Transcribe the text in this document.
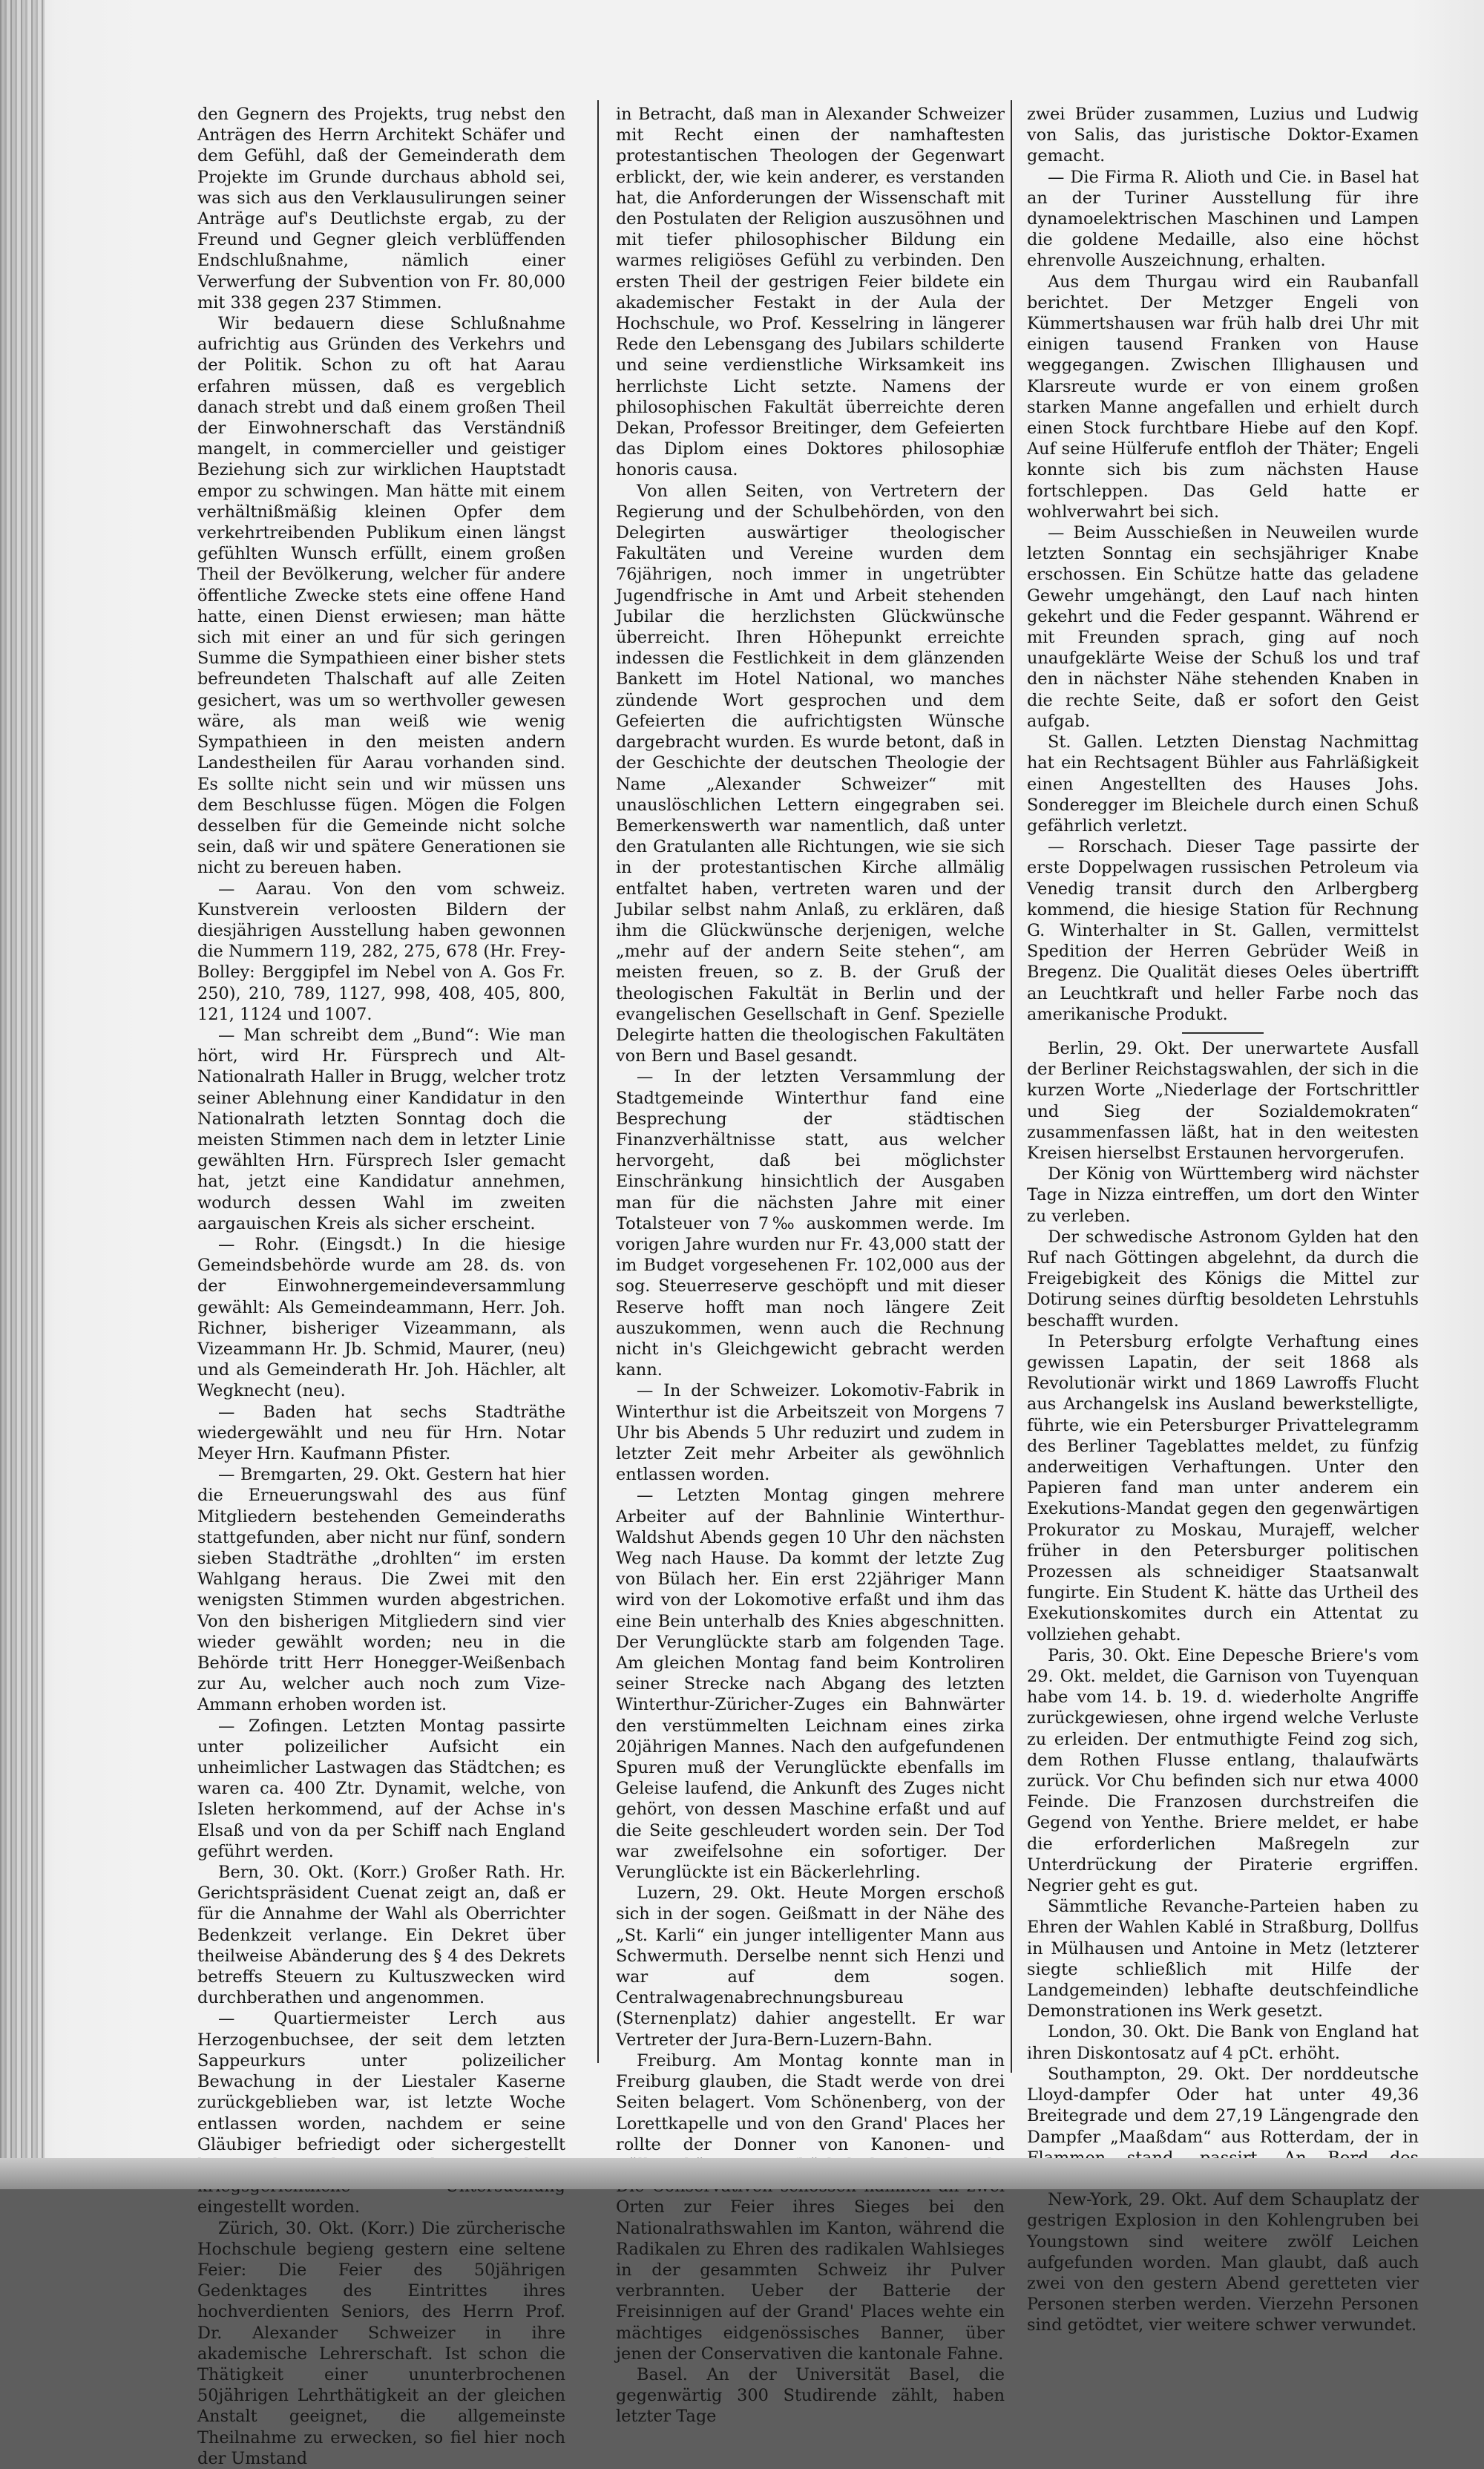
den Gegnern des Projekts, trug nebst den Anträgen des Herrn Architekt Schäfer und dem Gefühl, daß der Gemeinderath dem Projekte im Grunde durchaus abhold sei, was sich aus den Verklausulirungen seiner Anträge auf's Deutlichste ergab, zu der Freund und Gegner gleich verblüffenden Endschlußnahme, nämlich einer Verwerfung der Subvention von Fr. 80,000 mit 338 gegen 237 Stimmen.

Wir bedauern diese Schlußnahme aufrichtig aus Gründen des Verkehrs und der Politik. Schon zu oft hat Aarau erfahren müssen, daß es vergeblich danach strebt und daß einem großen Theil der Einwohnerschaft das Verständniß mangelt, in commercieller und geistiger Beziehung sich zur wirklichen Hauptstadt empor zu schwingen. Man hätte mit einem verhältnißmäßig kleinen Opfer dem verkehrtreibenden Publikum einen längst gefühlten Wunsch erfüllt, einem großen Theil der Bevölkerung, welcher für andere öffentliche Zwecke stets eine offene Hand hatte, einen Dienst erwiesen; man hätte sich mit einer an und für sich geringen Summe die Sympathieen einer bisher stets befreundeten Thalschaft auf alle Zeiten gesichert, was um so werthvoller gewesen wäre, als man weiß wie wenig Sympathieen in den meisten andern Landestheilen für Aarau vorhanden sind. Es sollte nicht sein und wir müssen uns dem Beschlusse fügen. Mögen die Folgen desselben für die Gemeinde nicht solche sein, daß wir und spätere Generationen sie nicht zu bereuen haben.

— Aarau. Von den vom schweiz. Kunstverein verloosten Bildern der diesjährigen Ausstellung haben gewonnen die Nummern 119, 282, 275, 678 (Hr. Frey-Bolley: Berggipfel im Nebel von A. Gos Fr. 250), 210, 789, 1127, 998, 408, 405, 800, 121, 1124 und 1007.

— Man schreibt dem „Bund“: Wie man hört, wird Hr. Fürsprech und Alt-Nationalrath Haller in Brugg, welcher trotz seiner Ablehnung einer Kandidatur in den Nationalrath letzten Sonntag doch die meisten Stimmen nach dem in letzter Linie gewählten Hrn. Fürsprech Isler gemacht hat, jetzt eine Kandidatur annehmen, wodurch dessen Wahl im zweiten aargauischen Kreis als sicher erscheint.

— Rohr. (Eingsdt.) In die hiesige Gemeindsbehörde wurde am 28. ds. von der Einwohnergemeindeversammlung gewählt: Als Gemeindeammann, Herr. Joh. Richner, bisheriger Vizeammann, als Vizeammann Hr. Jb. Schmid, Maurer, (neu) und als Gemeinderath Hr. Joh. Hächler, alt Wegknecht (neu).

— Baden hat sechs Stadträthe wiedergewählt und neu für Hrn. Notar Meyer Hrn. Kaufmann Pfister.

— Bremgarten, 29. Okt. Gestern hat hier die Erneuerungswahl des aus fünf Mitgliedern bestehenden Gemeinderaths stattgefunden, aber nicht nur fünf, sondern sieben Stadträthe „drohlten“ im ersten Wahlgang heraus. Die Zwei mit den wenigsten Stimmen wurden abgestrichen. Von den bisherigen Mitgliedern sind vier wieder gewählt worden; neu in die Behörde tritt Herr Honegger-Weißenbach zur Au, welcher auch noch zum Vize-Ammann erhoben worden ist.

— Zofingen. Letzten Montag passirte unter polizeilicher Aufsicht ein unheimlicher Lastwagen das Städtchen; es waren ca. 400 Ztr. Dynamit, welche, von Isleten herkommend, auf der Achse in's Elsaß und von da per Schiff nach England geführt werden.

Bern, 30. Okt. (Korr.) Großer Rath. Hr. Gerichtspräsident Cuenat zeigt an, daß er für die Annahme der Wahl als Oberrichter Bedenkzeit verlange. Ein Dekret über theilweise Abänderung des § 4 des Dekrets betreffs Steuern zu Kultuszwecken wird durchberathen und angenommen.

— Quartiermeister Lerch aus Herzogenbuchsee, der seit dem letzten Sappeurkurs unter polizeilicher Bewachung in der Liestaler Kaserne zurückgeblieben war, ist letzte Woche entlassen worden, nachdem er seine Gläubiger befriedigt oder sichergestellt eingestellt worden.

Zürich, 30. Okt. (Korr.) Die zürcherische Hochschule begieng gestern eine seltene Feier: Die Feier des 50jährigen Gedenktages des Eintrittes ihres hochverdienten Seniors, des Herrn Prof. Dr. Alexander Schweizer in ihre akademische Lehrerschaft. Ist schon die Thätigkeit einer ununterbrochenen 50jährigen Lehrthätigkeit an der gleichen Anstalt geeignet, die allgemeinste Theilnahme zu erwecken, so fiel hier noch der Umstand

in Betracht, daß man in Alexander Schweizer mit Recht einen der namhaftesten protestantischen Theologen der Gegenwart erblickt, der, wie kein anderer, es verstanden hat, die Anforderungen der Wissenschaft mit den Postulaten der Religion auszusöhnen und mit tiefer philosophischer Bildung ein warmes religiöses Gefühl zu verbinden. Den ersten Theil der gestrigen Feier bildete ein akademischer Festakt in der Aula der Hochschule, wo Prof. Kesselring in längerer Rede den Lebensgang des Jubilars schilderte und seine verdienstliche Wirksamkeit ins herrlichste Licht setzte. Namens der philosophischen Fakultät überreichte deren Dekan, Professor Breitinger, dem Gefeierten das Diplom eines Doktores philosophiæ honoris causa.

Von allen Seiten, von Vertretern der Regierung und der Schulbehörden, von den Delegirten auswärtiger theologischer Fakultäten und Vereine wurden dem 76jährigen, noch immer in ungetrübter Jugendfrische in Amt und Arbeit stehenden Jubilar die herzlichsten Glückwünsche überreicht. Ihren Höhepunkt erreichte indessen die Festlichkeit in dem glänzenden Bankett im Hotel National, wo manches zündende Wort gesprochen und dem Gefeierten die aufrichtigsten Wünsche dargebracht wurden. Es wurde betont, daß in der Geschichte der deutschen Theologie der Name „Alexander Schweizer“ mit unauslöschlichen Lettern eingegraben sei. Bemerkenswerth war namentlich, daß unter den Gratulanten alle Richtungen, wie sie sich in der protestantischen Kirche allmälig entfaltet haben, vertreten waren und der Jubilar selbst nahm Anlaß, zu erklären, daß ihm die Glückwünsche derjenigen, welche „mehr auf der andern Seite stehen“, am meisten freuen, so z. B. der Gruß der theologischen Fakultät in Berlin und der evangelischen Gesellschaft in Genf. Spezielle Delegirte hatten die theologischen Fakultäten von Bern und Basel gesandt.

— In der letzten Versammlung der Stadtgemeinde Winterthur fand eine Besprechung der städtischen Finanzverhältnisse statt, aus welcher hervorgeht, daß bei möglichster Einschränkung hinsichtlich der Ausgaben man für die nächsten Jahre mit einer Totalsteuer von 7‰ auskommen werde. Im vorigen Jahre wurden nur Fr. 43,000 statt der im Budget vorgesehenen Fr. 102,000 aus der sog. Steuerreserve geschöpft und mit dieser Reserve hofft man noch längere Zeit auszukommen, wenn auch die Rechnung nicht in's Gleichgewicht gebracht werden kann.

— In der Schweizer. Lokomotiv-Fabrik in Winterthur ist die Arbeitszeit von Morgens 7 Uhr bis Abends 5 Uhr reduzirt und zudem in letzter Zeit mehr Arbeiter als gewöhnlich entlassen worden.

— Letzten Montag gingen mehrere Arbeiter auf der Bahnlinie Winterthur-Waldshut Abends gegen 10 Uhr den nächsten Weg nach Hause. Da kommt der letzte Zug von Bülach her. Ein erst 22jähriger Mann wird von der Lokomotive erfaßt und ihm das eine Bein unterhalb des Knies abgeschnitten. Der Verunglückte starb am folgenden Tage. Am gleichen Montag fand beim Kontroliren seiner Strecke nach Abgang des letzten Winterthur-Züricher-Zuges ein Bahnwärter den verstümmelten Leichnam eines zirka 20jährigen Mannes. Nach den aufgefundenen Spuren muß der Verunglückte ebenfalls im Geleise laufend, die Ankunft des Zuges nicht gehört, von dessen Maschine erfaßt und auf die Seite geschleudert worden sein. Der Tod war zweifelsohne ein sofortiger. Der Verunglückte ist ein Bäckerlehrling.

Luzern, 29. Okt. Heute Morgen erschoß sich in der sogen. Geißmatt in der Nähe des „St. Karli“ ein junger intelligenter Mann aus Schwermuth. Derselbe nennt sich Henzi und war auf dem sogen. Centralwagenabrechnungsbureau (Sternenplatz) dahier angestellt. Er war Vertreter der Jura-Bern-Luzern-Bahn.

Freiburg. Am Montag konnte man in Freiburg glauben, die Stadt werde von drei Seiten belagert. Vom Schönenberg, von der Lorettkapelle und von den Grand' Places her rollte der Donner von Kanonen- und Orten zur Feier ihres Sieges bei den Nationalrathswahlen im Kanton, während die Radikalen zu Ehren des radikalen Wahlsieges in der gesammten Schweiz ihr Pulver verbrannten. Ueber der Batterie der Freisinnigen auf der Grand' Places wehte ein mächtiges eidgenössisches Banner, über jenen der Conservativen die kantonale Fahne.

Basel. An der Universität Basel, die gegenwärtig 300 Studirende zählt, haben letzter Tage

zwei Brüder zusammen, Luzius und Ludwig von Salis, das juristische Doktor-Examen gemacht.

— Die Firma R. Alioth und Cie. in Basel hat an der Turiner Ausstellung für ihre dynamoelektrischen Maschinen und Lampen die goldene Medaille, also eine höchst ehrenvolle Auszeichnung, erhalten.

Aus dem Thurgau wird ein Raubanfall berichtet. Der Metzger Engeli von Kümmertshausen war früh halb drei Uhr mit einigen tausend Franken von Hause weggegangen. Zwischen Illighausen und Klarsreute wurde er von einem großen starken Manne angefallen und erhielt durch einen Stock furchtbare Hiebe auf den Kopf. Auf seine Hülferufe entfloh der Thäter; Engeli konnte sich bis zum nächsten Hause fortschleppen. Das Geld hatte er wohlverwahrt bei sich.

— Beim Ausschießen in Neuweilen wurde letzten Sonntag ein sechsjähriger Knabe erschossen. Ein Schütze hatte das geladene Gewehr umgehängt, den Lauf nach hinten gekehrt und die Feder gespannt. Während er mit Freunden sprach, ging auf noch unaufgeklärte Weise der Schuß los und traf den in nächster Nähe stehenden Knaben in die rechte Seite, daß er sofort den Geist aufgab.

St. Gallen. Letzten Dienstag Nachmittag hat ein Rechtsagent Bühler aus Fahrläßigkeit einen Angestellten des Hauses Johs. Sonderegger im Bleichele durch einen Schuß gefährlich verletzt.

— Rorschach. Dieser Tage passirte der erste Doppelwagen russischen Petroleum via Venedig transit durch den Arlbergberg kommend, die hiesige Station für Rechnung G. Winterhalter in St. Gallen, vermittelst Spedition der Herren Gebrüder Weiß in Bregenz. Die Qualität dieses Oeles übertrifft an Leuchtkraft und heller Farbe noch das amerikanische Produkt.

Berlin, 29. Okt. Der unerwartete Ausfall der Berliner Reichstagswahlen, der sich in die kurzen Worte „Niederlage der Fortschrittler und Sieg der Sozialdemokraten“ zusammenfassen läßt, hat in den weitesten Kreisen hierselbst Erstaunen hervorgerufen.

Der König von Württemberg wird nächster Tage in Nizza eintreffen, um dort den Winter zu verleben.

Der schwedische Astronom Gylden hat den Ruf nach Göttingen abgelehnt, da durch die Freigebigkeit des Königs die Mittel zur Dotirung seines dürftig besoldeten Lehrstuhls beschafft wurden.

In Petersburg erfolgte Verhaftung eines gewissen Lapatin, der seit 1868 als Revolutionär wirkt und 1869 Lawroffs Flucht aus Archangelsk ins Ausland bewerkstelligte, führte, wie ein Petersburger Privattelegramm des Berliner Tageblattes meldet, zu fünfzig anderweitigen Verhaftungen. Unter den Papieren fand man unter anderem ein Exekutions-Mandat gegen den gegenwärtigen Prokurator zu Moskau, Murajeff, welcher früher in den Petersburger politischen Prozessen als schneidiger Staatsanwalt fungirte. Ein Student K. hätte das Urtheil des Exekutionskomites durch ein Attentat zu vollziehen gehabt.

Paris, 30. Okt. Eine Depesche Briere's vom 29. Okt. meldet, die Garnison von Tuyenquan habe vom 14. b. 19. d. wiederholte Angriffe zurückgewiesen, ohne irgend welche Verluste zu erleiden. Der entmuthigte Feind zog sich, dem Rothen Flusse entlang, thalaufwärts zurück. Vor Chu befinden sich nur etwa 4000 Feinde. Die Franzosen durchstreifen die Gegend von Yenthe. Briere meldet, er habe die erforderlichen Maßregeln zur Unterdrückung der Piraterie ergriffen. Negrier geht es gut.

Sämmtliche Revanche-Parteien haben zu Ehren der Wahlen Kablé in Straßburg, Dollfus in Mülhausen und Antoine in Metz (letzterer siegte schließlich mit Hilfe der Landgemeinden) lebhafte deutschfeindliche Demonstrationen ins Werk gesetzt.

London, 30. Okt. Die Bank von England hat ihren Diskontosatz auf 4 pCt. erhöht.

Southampton, 29. Okt. Der norddeutsche Lloyd-dampfer Oder hat unter 49,36 Breitegrade und dem 27,19 Längengrade den Dampfer „Maaßdam“ aus Rotterdam, der in

New-York, 29. Okt. Auf dem Schauplatz der gestrigen Explosion in den Kohlengruben bei Youngstown sind weitere zwölf Leichen aufgefunden worden. Man glaubt, daß auch zwei von den gestern Abend geretteten vier Personen sterben werden. Vierzehn Personen sind getödtet, vier weitere schwer verwundet.
